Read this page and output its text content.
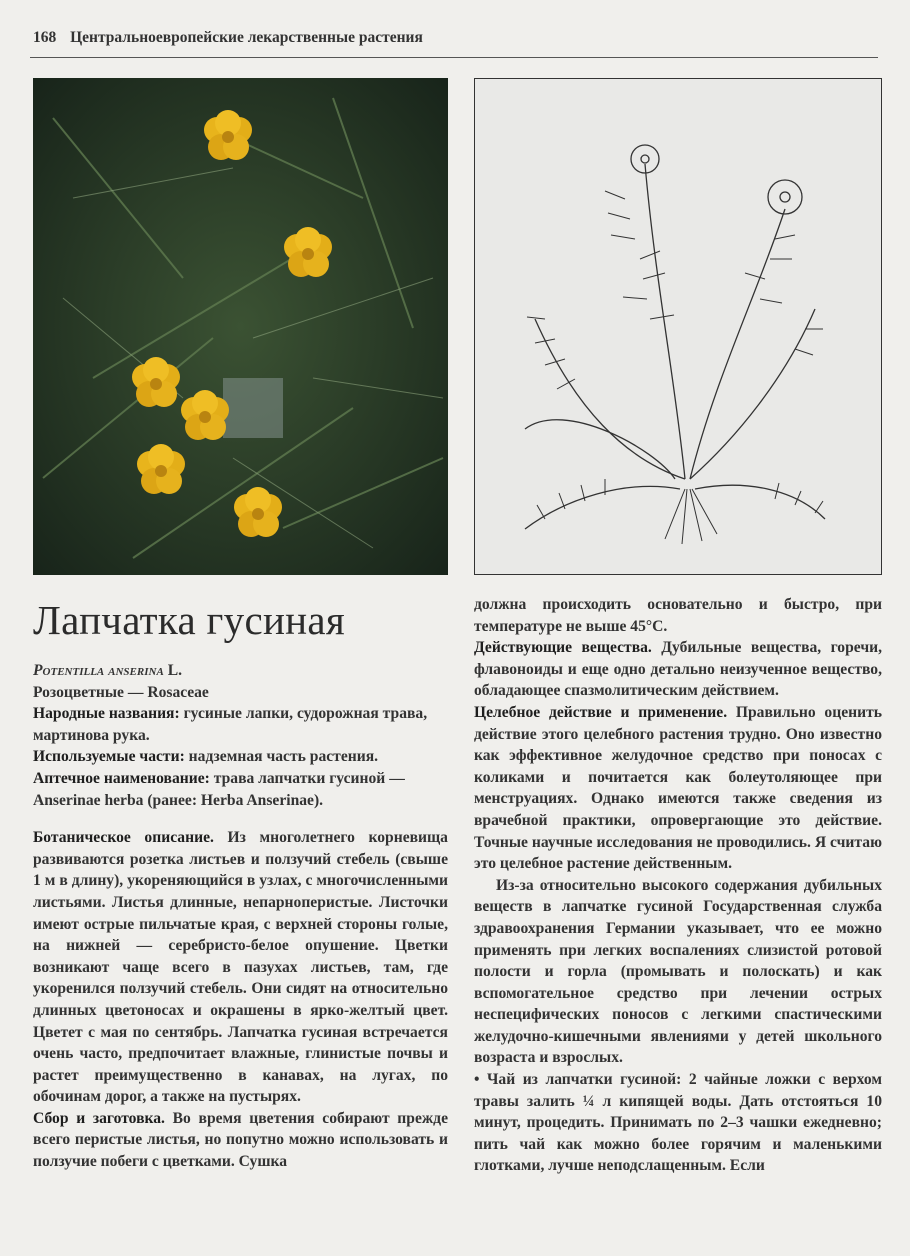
168 Центральноевропейские лекарственные растения
Лапчатка гусиная

Potentilla anserina L.

Розоцветные — Rosaceae

Народные названия: гусиные лапки, судорожная трава, мартинова рука.

Используемые части: надземная часть растения.

Аптечное наименование: трава лапчатки гусиной — Anserinae herba (ранее: Herba Anserinae).

Ботаническое описание. Из многолетнего корневища развиваются розетка листьев и ползучий стебель (свыше 1 м в длину), укореняющийся в узлах, с многочисленными листьями. Листья длинные, непарноперистые. Листочки имеют острые пильчатые края, с верхней стороны голые, на нижней — серебристо-белое опушение. Цветки возникают чаще всего в пазухах листьев, там, где укоренился ползучий стебель. Они сидят на относительно длинных цветоносах и окрашены в ярко-желтый цвет. Цветет с мая по сентябрь. Лапчатка гусиная встречается очень часто, предпочитает влажные, глинистые почвы и растет преимущественно в канавах, на лугах, по обочинам дорог, а также на пустырях.

Сбор и заготовка. Во время цветения собирают прежде всего перистые листья, но попутно можно использовать и ползучие побеги с цветками. Сушка

должна происходить основательно и быстро, при температуре не выше 45°C.

Действующие вещества. Дубильные вещества, горечи, флавоноиды и еще одно детально неизученное вещество, обладающее спазмолитическим действием.

Целебное действие и применение. Правильно оценить действие этого целебного растения трудно. Оно известно как эффективное желудочное средство при поносах с коликами и почитается как болеутоляющее при менструациях. Однако имеются также сведения из врачебной практики, опровергающие это действие. Точные научные исследования не проводились. Я считаю это целебное растение действенным.

Из-за относительно высокого содержания дубильных веществ в лапчатке гусиной Государственная служба здравоохранения Германии указывает, что ее можно применять при легких воспалениях слизистой ротовой полости и горла (промывать и полоскать) и как вспомогательное средство при лечении острых неспецифических поносов с легкими спастическими желудочно-кишечными явлениями у детей школьного возраста и взрослых.

• Чай из лапчатки гусиной: 2 чайные ложки с верхом травы залить ¼ л кипящей воды. Дать отстояться 10 минут, процедить. Принимать по 2–3 чашки ежедневно; пить чай как можно более горячим и маленькими глотками, лучше неподслащенным. Если
